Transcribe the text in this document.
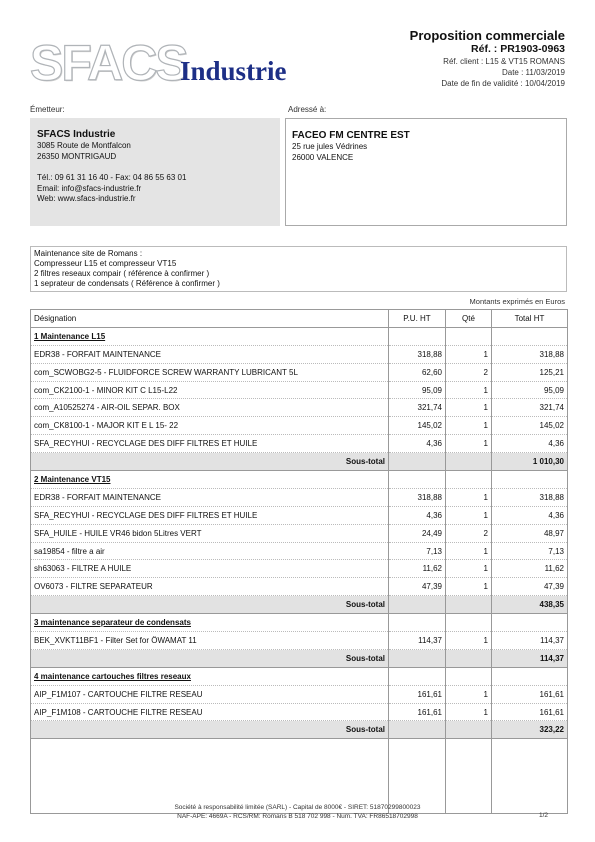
SFACS
Industrie
Proposition commerciale
Réf. : PR1903-0963
Réf. client : L15 & VT15 ROMANS
Date : 11/03/2019
Date de fin de validité : 10/04/2019
Émetteur:
SFACS Industrie
3085 Route de Montfalcon
26350 MONTRIGAUD
Tél.: 09 61 31 16 40 - Fax: 04 86 55 63 01
Email: info@sfacs-industrie.fr
Web: www.sfacs-industrie.fr
Adressé à:
FACEO FM CENTRE EST
25 rue jules Védrines
26000 VALENCE
Maintenance site de Romans :
Compresseur L15 et compresseur VT15
2 filtres reseaux compair ( référence à confirmer )
1 seprateur de condensats ( Référence à confirmer )
Montants exprimés en Euros
Désignation	P.U. HT	Qté	Total HT
1 Maintenance L15			
EDR38 - FORFAIT MAINTENANCE	318,88	1	318,88
com_SCWOBG2-5 - FLUIDFORCE SCREW WARRANTY LUBRICANT 5L	62,60	2	125,21
com_CK2100-1 - MINOR KIT C L15-L22	95,09	1	95,09
com_A10525274 - AIR-OIL SEPAR. BOX	321,74	1	321,74
com_CK8100-1 - MAJOR KIT E L 15- 22	145,02	1	145,02
SFA_RECYHUI - RECYCLAGE DES DIFF FILTRES ET HUILE	4,36	1	4,36
Sous-total			1 010,30
2 Maintenance VT15			
EDR38 - FORFAIT MAINTENANCE	318,88	1	318,88
SFA_RECYHUI - RECYCLAGE DES DIFF FILTRES ET HUILE	4,36	1	4,36
SFA_HUILE - HUILE VR46 bidon 5Litres VERT	24,49	2	48,97
sa19854 - filtre a air	7,13	1	7,13
sh63063 - FILTRE A HUILE	11,62	1	11,62
OV6073 - FILTRE SEPARATEUR	47,39	1	47,39
Sous-total			438,35
3 maintenance separateur de condensats			
BEK_XVKT11BF1 - Filter Set for ÖWAMAT 11	114,37	1	114,37
Sous-total			114,37
4 maintenance cartouches filtres reseaux			
AIP_F1M107 - CARTOUCHE FILTRE RESEAU	161,61	1	161,61
AIP_F1M108 - CARTOUCHE FILTRE RESEAU	161,61	1	161,61
Sous-total			323,22

Société à responsabilité limitée (SARL) - Capital de 8000€ - SIRET: 51870299800023
NAF-APE: 4669A - RCS/RM: Romans B 518 702 998 - Num. TVA: FR86518702998	1/2
